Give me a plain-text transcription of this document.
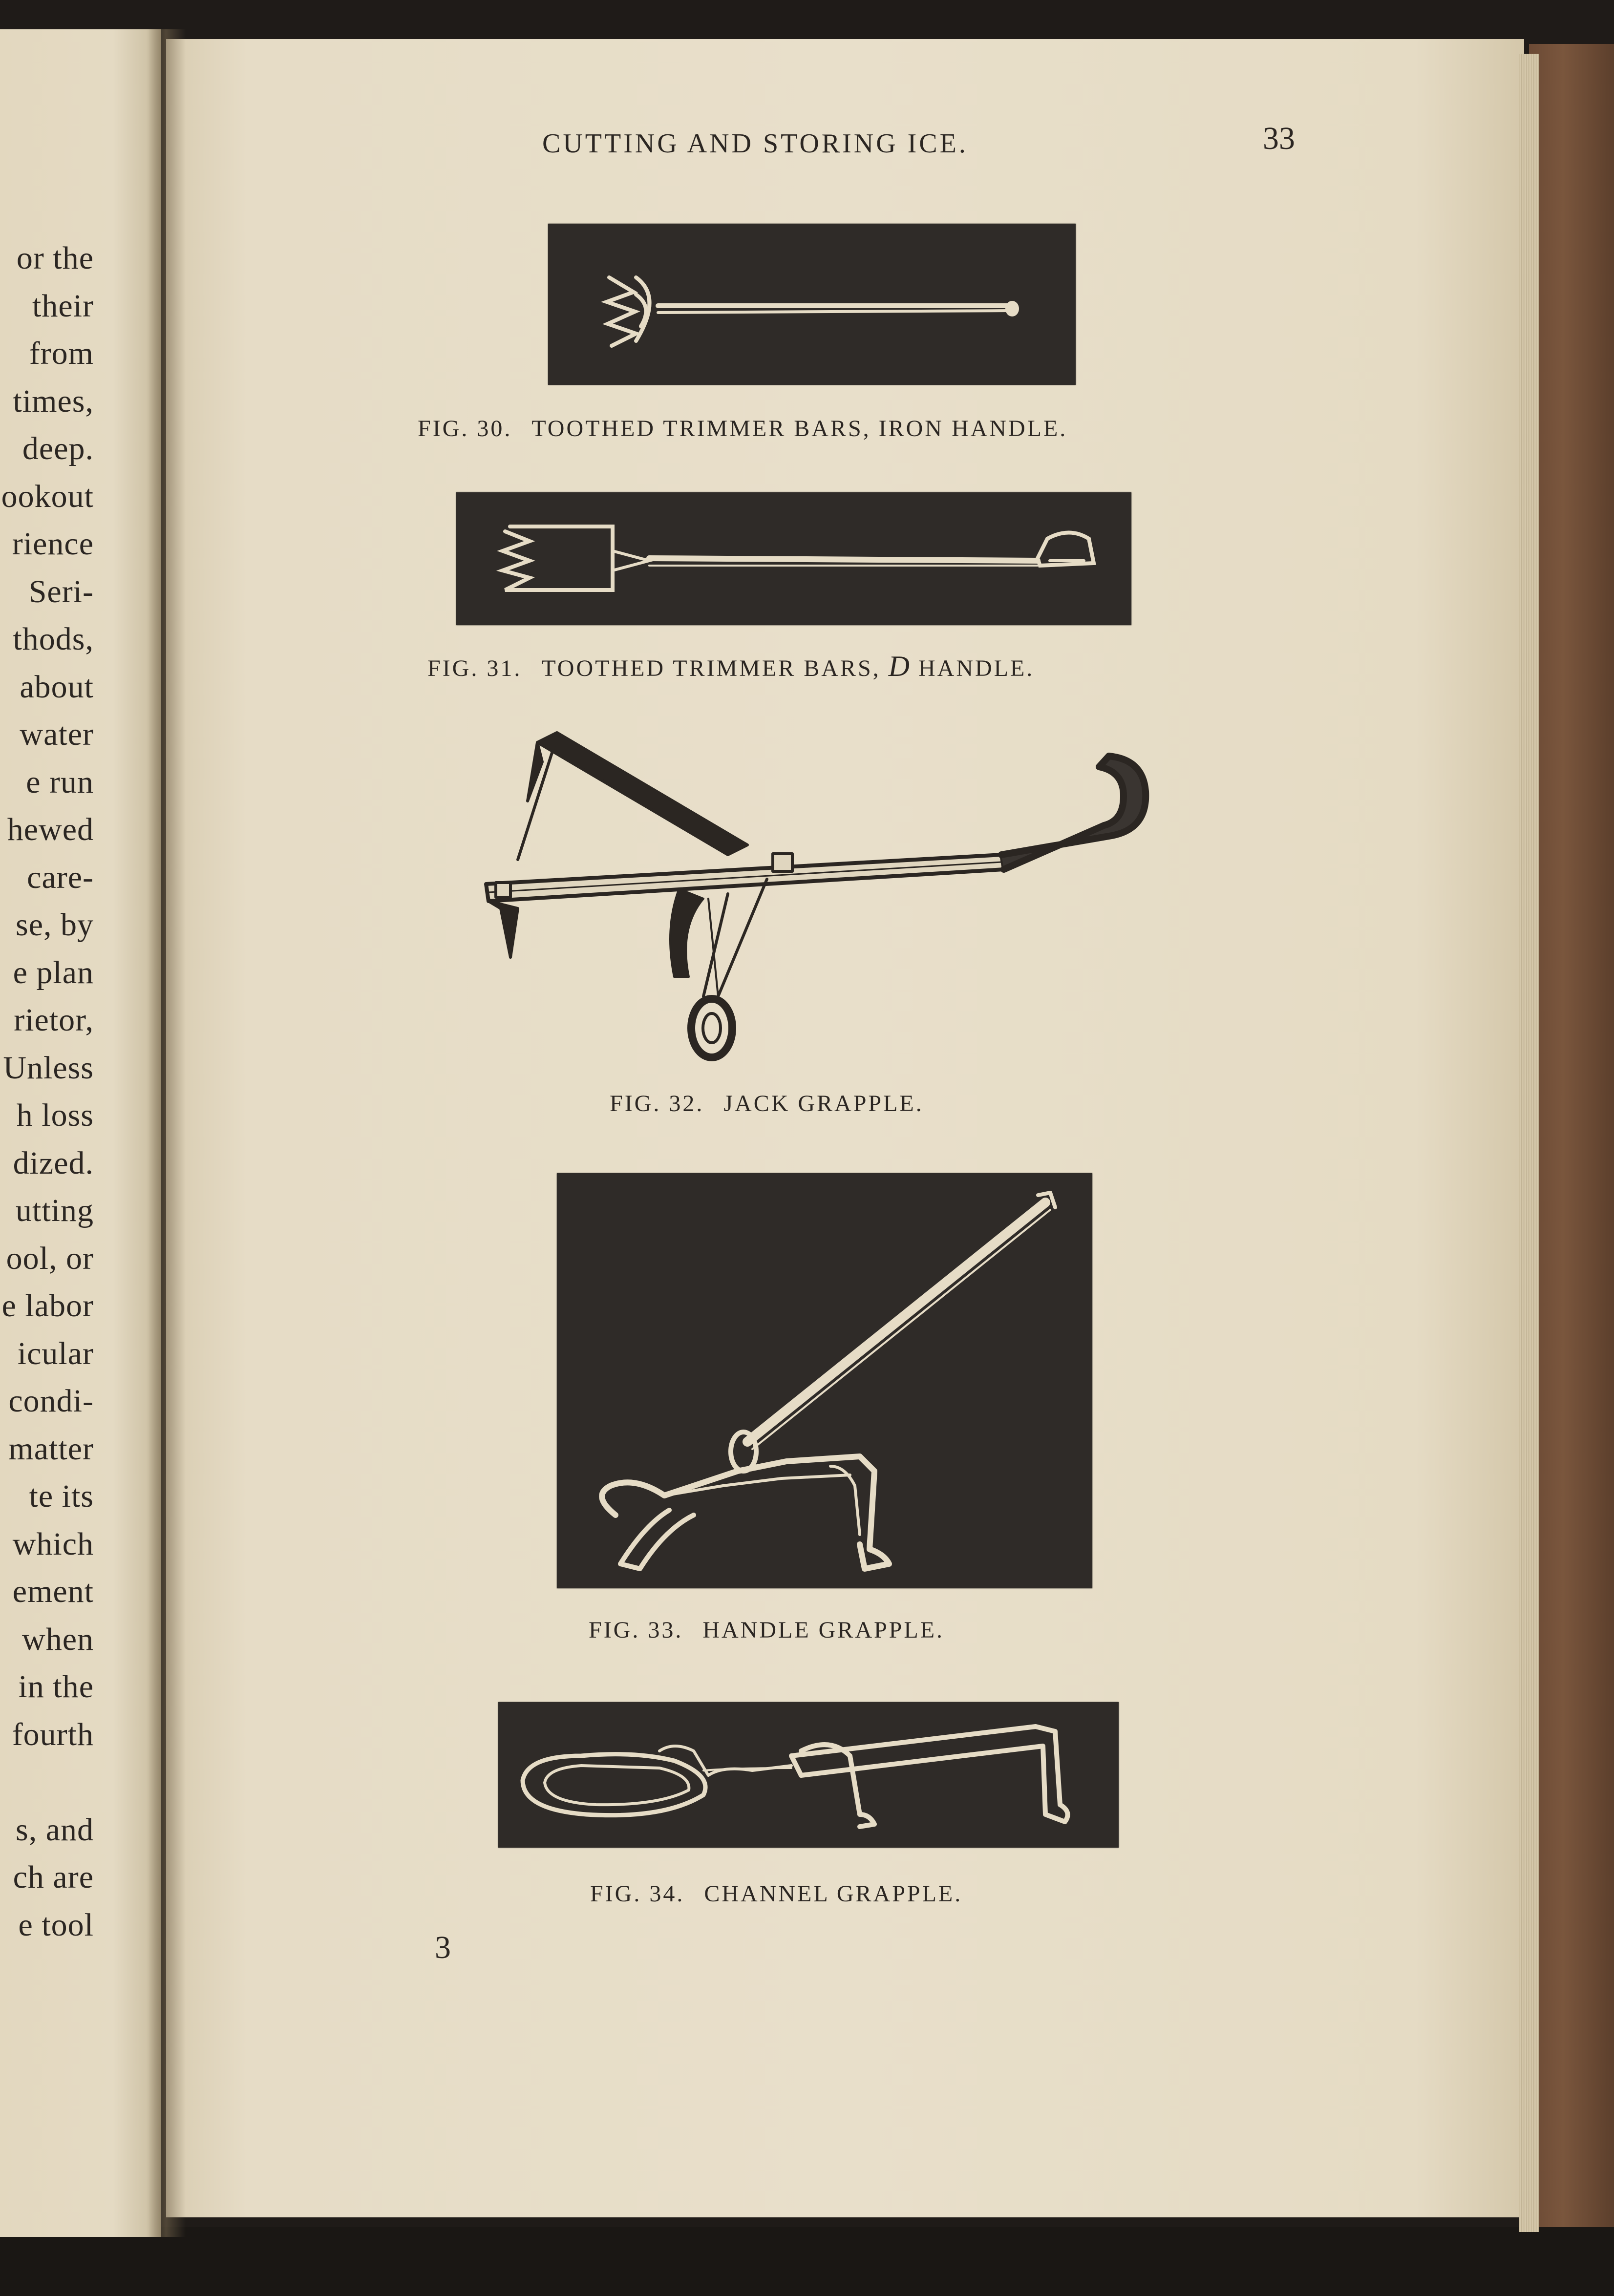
or the
their
from
times,
deep.
ookout
rience
Seri-
thods,
about
water
e run
hewed
care-
se, by
e plan
rietor,
Unless
h loss
dized.
utting
ool, or
e labor
icular
condi-
matter
te its
which
ement
when
in the
fourth
s, and
ch are
e tool
CUTTING AND STORING ICE.	33
FIG. 30. TOOTHED TRIMMER BARS, IRON HANDLE.
FIG. 31. TOOTHED TRIMMER BARS, D HANDLE.
FIG. 32. JACK GRAPPLE.
FIG. 33. HANDLE GRAPPLE.
FIG. 34. CHANNEL GRAPPLE.
3
